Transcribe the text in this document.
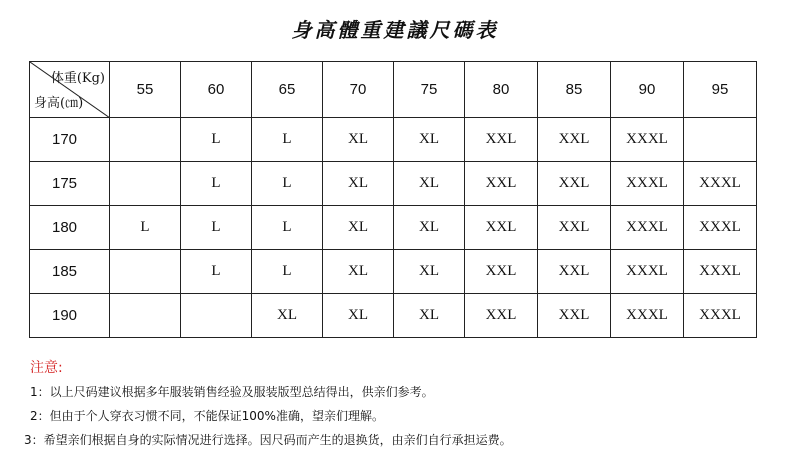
身高體重建議尺碼表
体重(Kg)
身高(㎝)	55	60	65	70	75	80	85	90	95
170		L	L	XL	XL	XXL	XXL	XXXL	
175		L	L	XL	XL	XXL	XXL	XXXL	XXXL
180	L	L	L	XL	XL	XXL	XXL	XXXL	XXXL
185		L	L	XL	XL	XXL	XXL	XXXL	XXXL
190			XL	XL	XL	XXL	XXL	XXXL	XXXL
注意:
1：以上尺码建议根据多年服装销售经验及服装版型总结得出，供亲们参考。
2：但由于个人穿衣习惯不同，不能保证100%准确，望亲们理解。
3：希望亲们根据自身的实际情况进行选择。因尺码而产生的退换货，由亲们自行承担运费。
